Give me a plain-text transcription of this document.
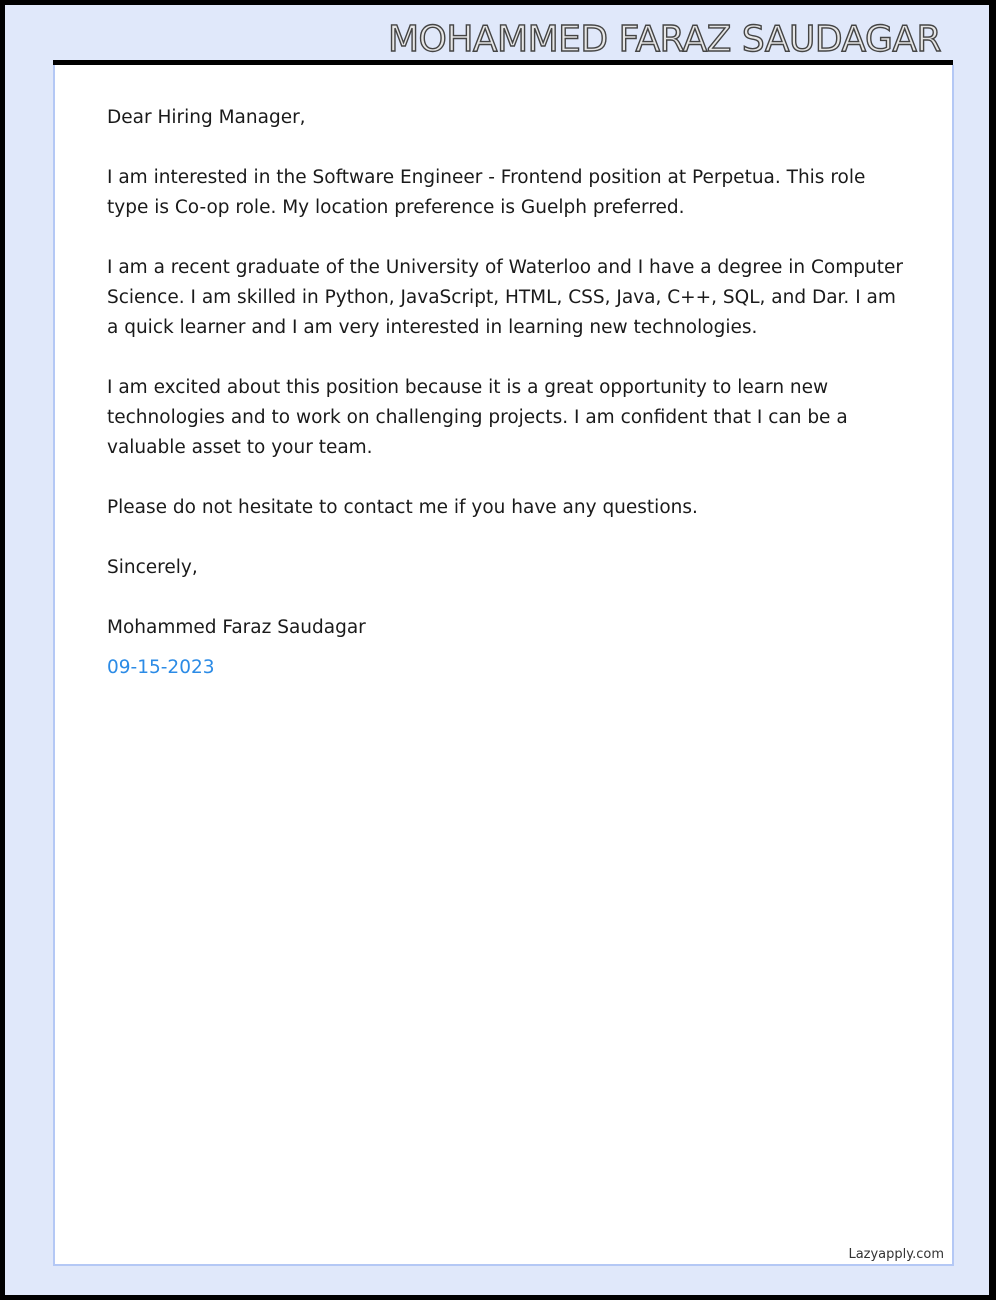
MOHAMMED FARAZ SAUDAGAR

Dear Hiring Manager,

I am interested in the Software Engineer - Frontend position at Perpetua. This role type is Co-op role. My location preference is Guelph preferred.

I am a recent graduate of the University of Waterloo and I have a degree in Computer Science. I am skilled in Python, JavaScript, HTML, CSS, Java, C++, SQL, and Dar. I am a quick learner and I am very interested in learning new technologies.

I am excited about this position because it is a great opportunity to learn new technologies and to work on challenging projects. I am confident that I can be a valuable asset to your team.

Please do not hesitate to contact me if you have any questions.

Sincerely,

Mohammed Faraz Saudagar

09-15-2023

Lazyapply.com
